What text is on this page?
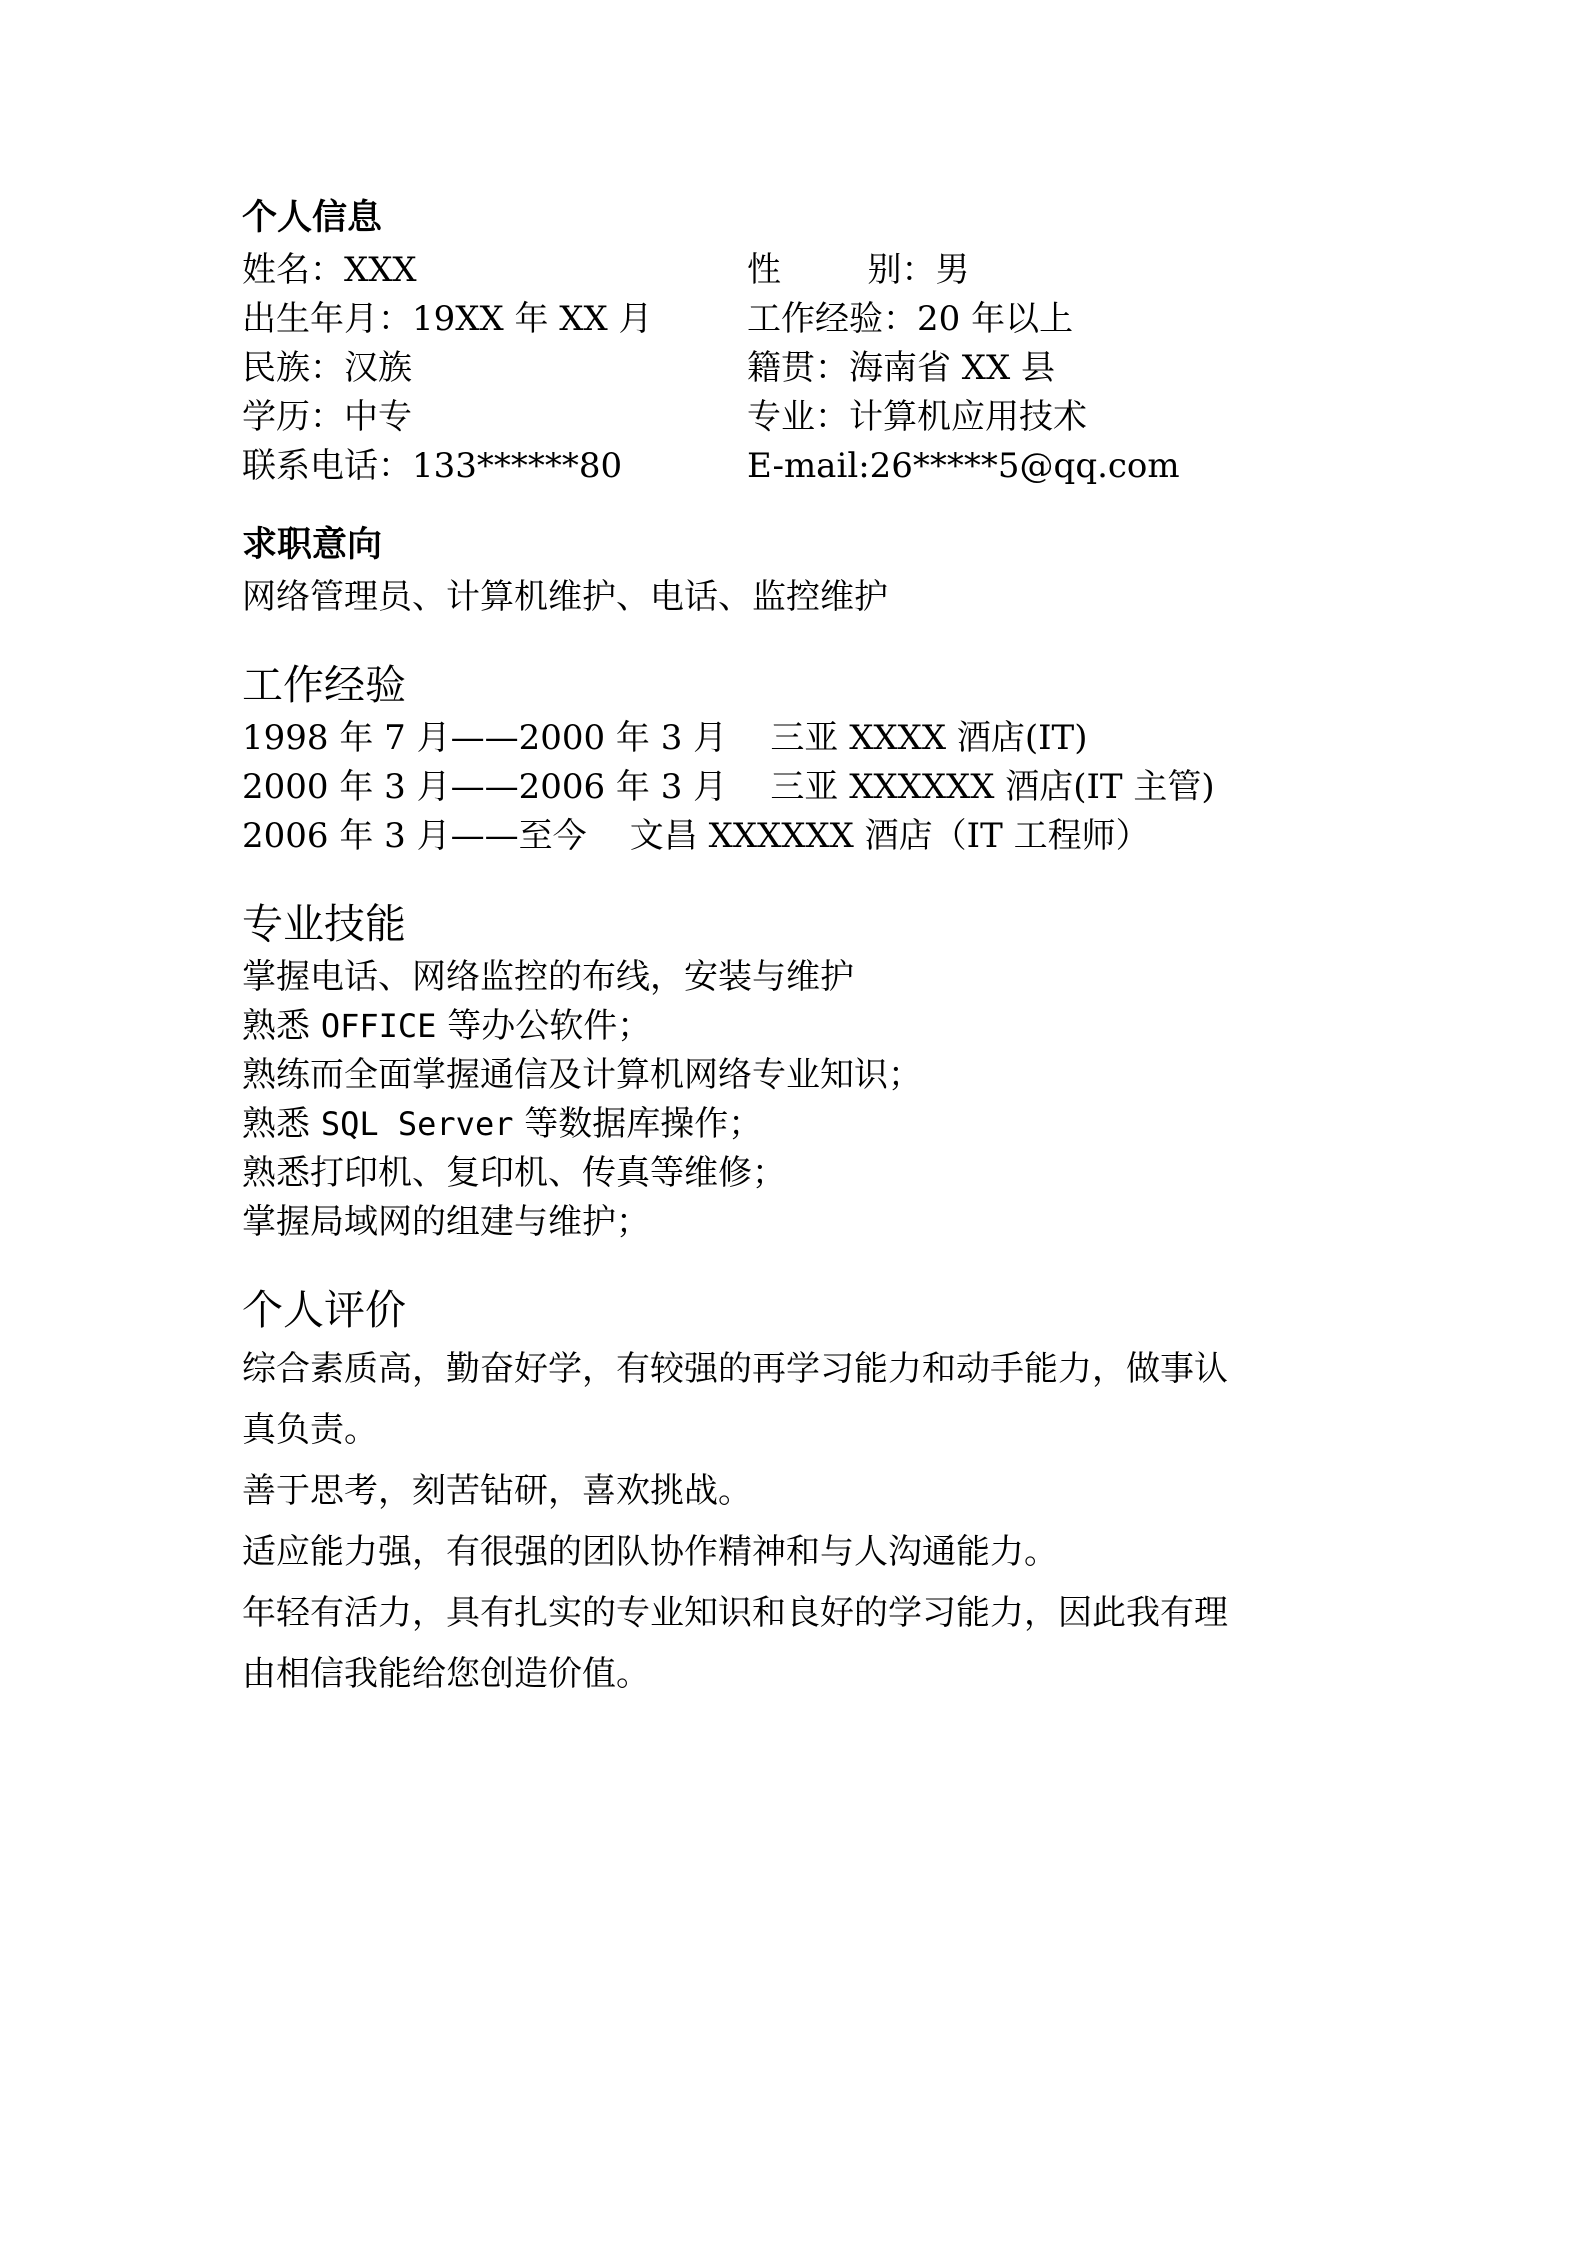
个人信息

姓名：XXX	性        别：男
出生年月：19XX 年 XX 月	工作经验：20 年以上
民族：汉族	籍贯：海南省 XX 县
学历：中专	专业：计算机应用技术
联系电话：133******80	E-mail:26*****5@qq.com

求职意向

网络管理员、计算机维护、电话、监控维护

工作经验

1998 年 7 月——2000 年 3 月    三亚 XXXX 酒店(IT)

2000 年 3 月——2006 年 3 月    三亚 XXXXXX 酒店(IT 主管)

2006 年 3 月——至今    文昌 XXXXXX 酒店（IT 工程师）

专业技能

掌握电话、网络监控的布线，安装与维护

熟悉 OFFICE 等办公软件；

熟练而全面掌握通信及计算机网络专业知识；

熟悉 SQL Server 等数据库操作；

熟悉打印机、复印机、传真等维修；

掌握局域网的组建与维护；

个人评价

综合素质高，勤奋好学，有较强的再学习能力和动手能力，做事认

真负责。

善于思考，刻苦钻研，喜欢挑战。

适应能力强，有很强的团队协作精神和与人沟通能力。

年轻有活力，具有扎实的专业知识和良好的学习能力，因此我有理

由相信我能给您创造价值。
